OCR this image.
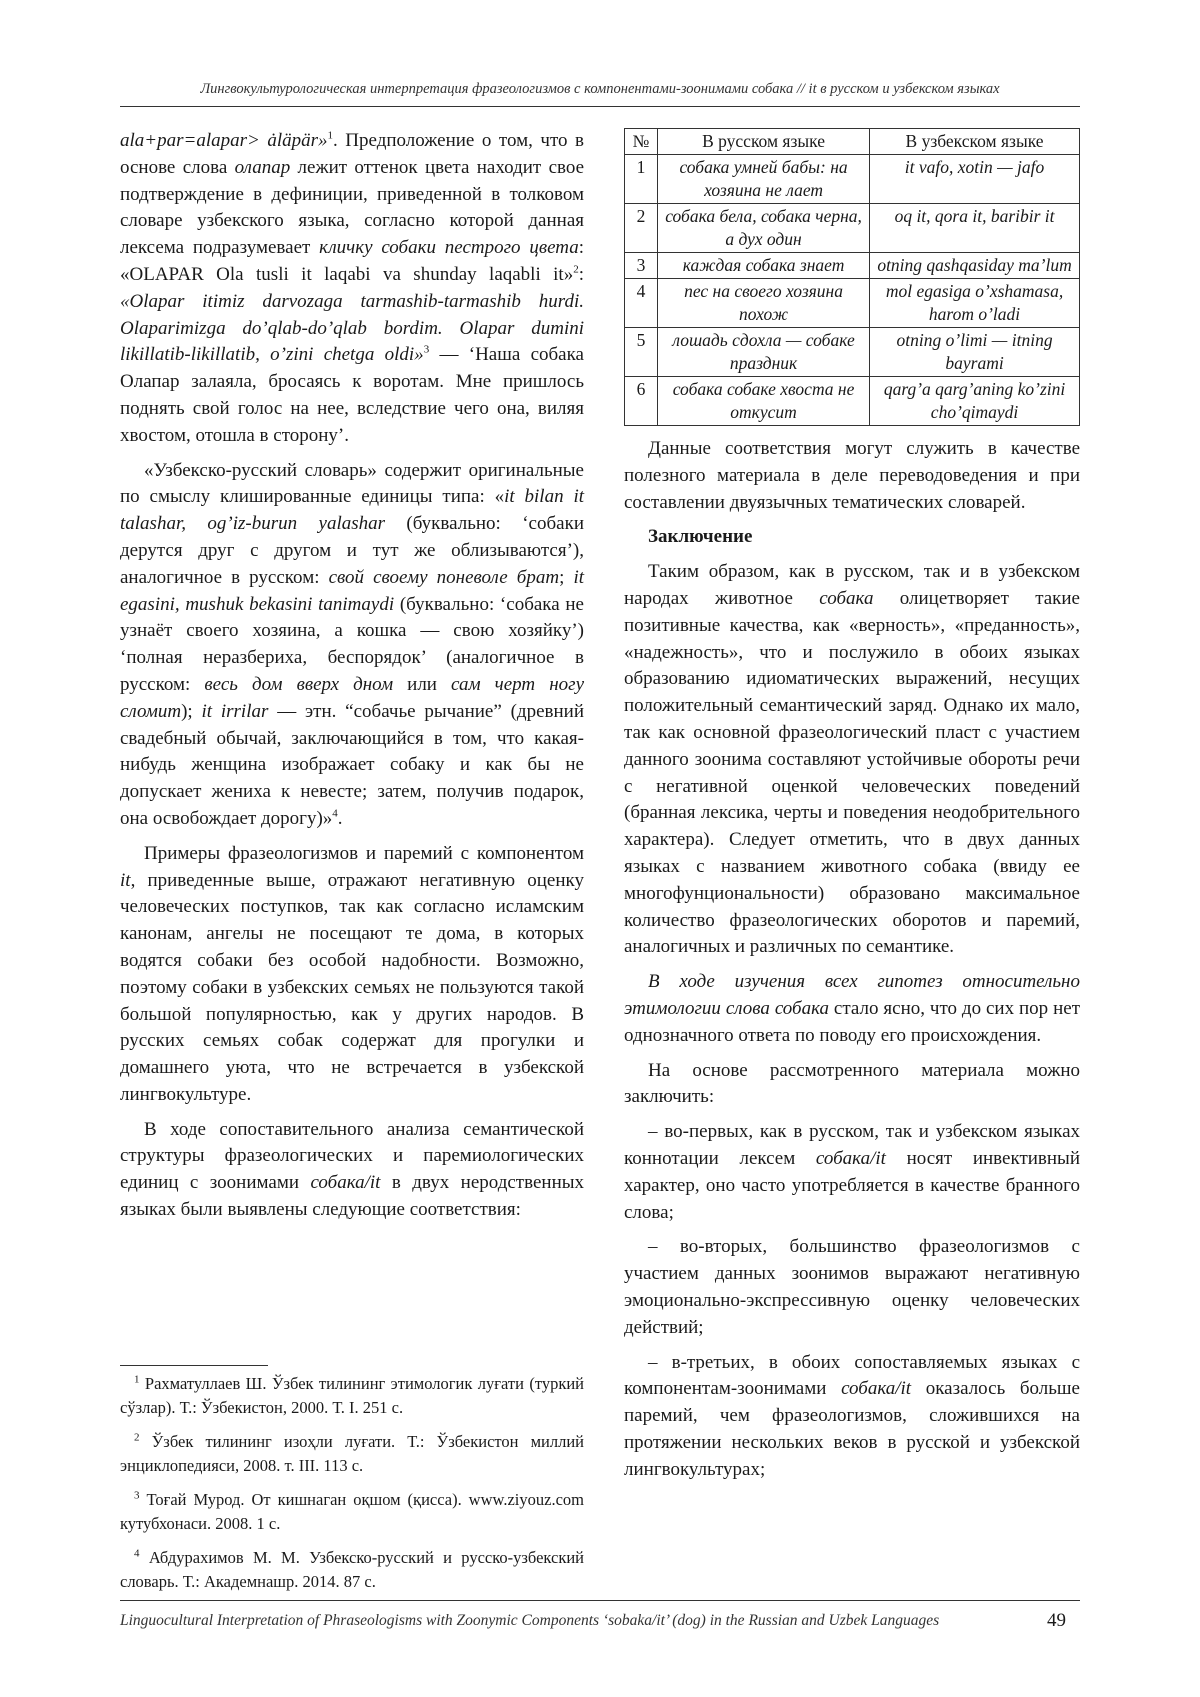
Лингвокультурологическая интерпретация фразеологизмов с компонентами-зоонимами собака // it в русском и узбекском языках

ala+par=alapar> ȧläpär»$^1$. Предположение о том, что в основе слова олапар лежит оттенок цвета находит свое подтверждение в дефиниции, приведенной в толковом словаре узбекского языка, согласно которой данная лексема подразумевает кличку собаки пестрого цвета: «OLAPAR Ola tusli it laqabi va shunday laqabli it»$^2$: «Olapar itimiz darvozaga tarmashib-tarmashib hurdi. Olaparimizga do’qlab-do’qlab bordim. Olapar dumini likillatib-likillatib, o’zini chetga oldi»$^3$ — ‘Наша собака Олапар залаяла, бросаясь к воротам. Мне пришлось поднять свой голос на нее, вследствие чего она, виляя хвостом, отошла в сторону’.

«Узбекско-русский словарь» содержит оригинальные по смыслу клишированные единицы типа: «it bilan it talashar, og’iz-burun yalashar (буквально: ‘собаки дерутся друг с другом и тут же облизываются’), аналогичное в русском: свой своему поневоле брат; it egasini, mushuk bekasini tanimaydi (буквально: ‘собака не узнаёт своего хозяина, а кошка — свою хозяйку’) ‘полная неразбериха, беспорядок’ (аналогичное в русском: весь дом вверх дном или сам черт ногу сломит); it irrilar — этн. “собачье рычание” (древний свадебный обычай, заключающийся в том, что какая-нибудь женщина изображает собаку и как бы не допускает жениха к невесте; затем, получив подарок, она освобождает дорогу)»$^4$.

Примеры фразеологизмов и паремий с компонентом it, приведенные выше, отражают негативную оценку человеческих поступков, так как согласно исламским канонам, ангелы не посещают те дома, в которых водятся собаки без особой надобности. Возможно, поэтому собаки в узбекских семьях не пользуются такой большой популярностью, как у других народов. В русских семьях собак содержат для прогулки и домашнего уюта, что не встречается в узбекской лингвокультуре.

В ходе сопоставительного анализа семантической структуры фразеологических и паремиологических единиц с зоонимами собака/it в двух неродственных языках были выявлены следующие соответствия:

№	В русском языке	В узбекском языке
1	собака умней бабы: на хозяина не лает	it vafo, xotin — jafo
2	собака бела, собака черна, а дух один	oq it, qora it, baribir it
3	каждая собака знает	otning qashqasiday ma’lum
4	пес на своего хозяина похож	mol egasiga o’xshamasa, harom o’ladi
5	лошадь сдохла — собаке праздник	otning o’limi — itning bayrami
6	собака собаке хвоста не откусит	qarg’a qarg’aning ko’zini cho’qimaydi

Данные соответствия могут служить в качестве полезного материала в деле переводоведения и при составлении двуязычных тематических словарей.

Заключение

Таким образом, как в русском, так и в узбекском народах животное собака олицетворяет такие позитивные качества, как «верность», «преданность», «надежность», что и послужило в обоих языках образованию идиоматических выражений, несущих положительный семантический заряд. Однако их мало, так как основной фразеологический пласт с участием данного зоонима составляют устойчивые обороты речи с негативной оценкой человеческих поведений (бранная лексика, черты и поведения неодобрительного характера). Следует отметить, что в двух данных языках с названием животного собака (ввиду ее многофунциональности) образовано максимальное количество фразеологических оборотов и паремий, аналогичных и различных по семантике.

В ходе изучения всех гипотез относительно этимологии слова собака стало ясно, что до сих пор нет однозначного ответа по поводу его происхождения.

На основе рассмотренного материала можно заключить:

– во-первых, как в русском, так и узбекском языках коннотации лексем собака/it носят инвективный характер, оно часто употребляется в качестве бранного слова;

– во-вторых, большинство фразеологизмов с участием данных зоонимов выражают негативную эмоционально-экспрессивную оценку человеческих действий;

– в-третьих, в обоих сопоставляемых языках с компонентам-зоонимами собака/it оказалось больше паремий, чем фразеологизмов, сложившихся на протяжении нескольких веков в русской и узбекской лингвокультурах;

$^1$ Рахматуллаев Ш. Ўзбек тилининг этимологик луғати (туркий сўзлар). Т.: Ўзбекистон, 2000. Т. I. 251 с.

$^2$ Ўзбек тилининг изоҳли луғати. Т.: Ўзбекистон миллий энциклопедияси, 2008. т. III. 113 с.

$^3$ Тоғай Мурод. От кишнаган оқшом (қисса). www.ziyouz.com кутубхонаси. 2008. 1 с.

$^4$ Абдурахимов М. М. Узбекско-русский и русско-узбекский словарь. Т.: Академнашр. 2014. 87 с.

Linguocultural Interpretation of Phraseologisms with Zoonymic Components ‘sobaka/it’ (dog) in the Russian and Uzbek Languages	49
